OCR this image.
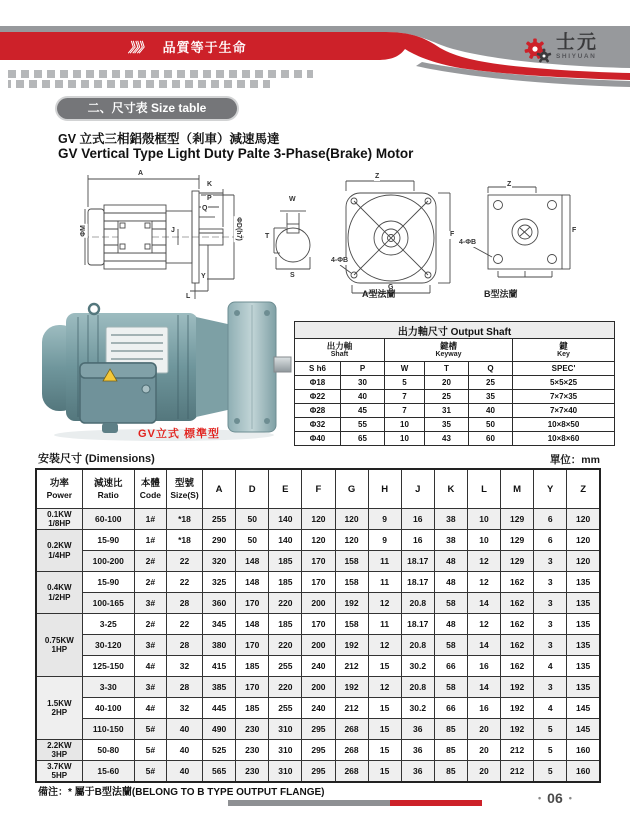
》》》 品質等于生命	士元
SHIYUAN
二、尺寸表 Size table
GV 立式三相鋁殼框型（剎車）減速馬達
GV Vertical Type Light Duty Palte 3-Phase(Brake) Motor
A
K
P
Q
ΦM	J	ΦD(h7)
L
Y
W
T
S
Z
F
G
4-ΦB
Z
F
4-ΦB
A型法蘭	B型法蘭
GV立式 標準型
出力軸尺寸 Output Shaft					

出力軸
Shaft

鍵槽
Keyway

鍵
Key

S h6	P	W	T	Q	SPEC'
Φ18	30	5	20	25	5×5×25
Φ22	40	7	25	35	7×7×35
Φ28	45	7	31	40	7×7×40
Φ32	55	10	35	50	10×8×50
Φ40	65	10	43	60	10×8×60
安裝尺寸 (Dimensions)	單位：mm
功率
Power

減速比
Ratio

本體
Code

型號
Size(S)
	A	D	E	F	G	H	J	K	L	M	Y	Z

0.1KW
1/8HP	60-100	1#	*18	255	50	140	120	120	9	16	38	10	129	6	120

0.2KW
1/4HP	15-90	1#	*18	290	50	140	120	120	9	16	38	10	129	6	120
	100-200	2#	22	320	148	185	170	158	11	18.17	48	12	129	3	120

0.4KW
1/2HP	15-90	2#	22	325	148	185	170	158	11	18.17	48	12	162	3	135
	100-165	3#	28	360	170	220	200	192	12	20.8	58	14	162	3	135

0.75KW
1HP	3-25	2#	22	345	148	185	170	158	11	18.17	48	12	162	3	135
	30-120	3#	28	380	170	220	200	192	12	20.8	58	14	162	3	135
	125-150	4#	32	415	185	255	240	212	15	30.2	66	16	162	4	135

1.5KW
2HP	3-30	3#	28	385	170	220	200	192	12	20.8	58	14	192	3	135
	40-100	4#	32	445	185	255	240	212	15	30.2	66	16	192	4	145
	110-150	5#	40	490	230	310	295	268	15	36	85	20	192	5	145

2.2KW
3HP	50-80	5#	40	525	230	310	295	268	15	36	85	20	212	5	160

3.7KW
5HP	15-60	5#	40	565	230	310	295	268	15	36	85	20	212	5	160
備注：* 屬于B型法蘭(BELONG TO B TYPE OUTPUT FLANGE)	• 06 •
